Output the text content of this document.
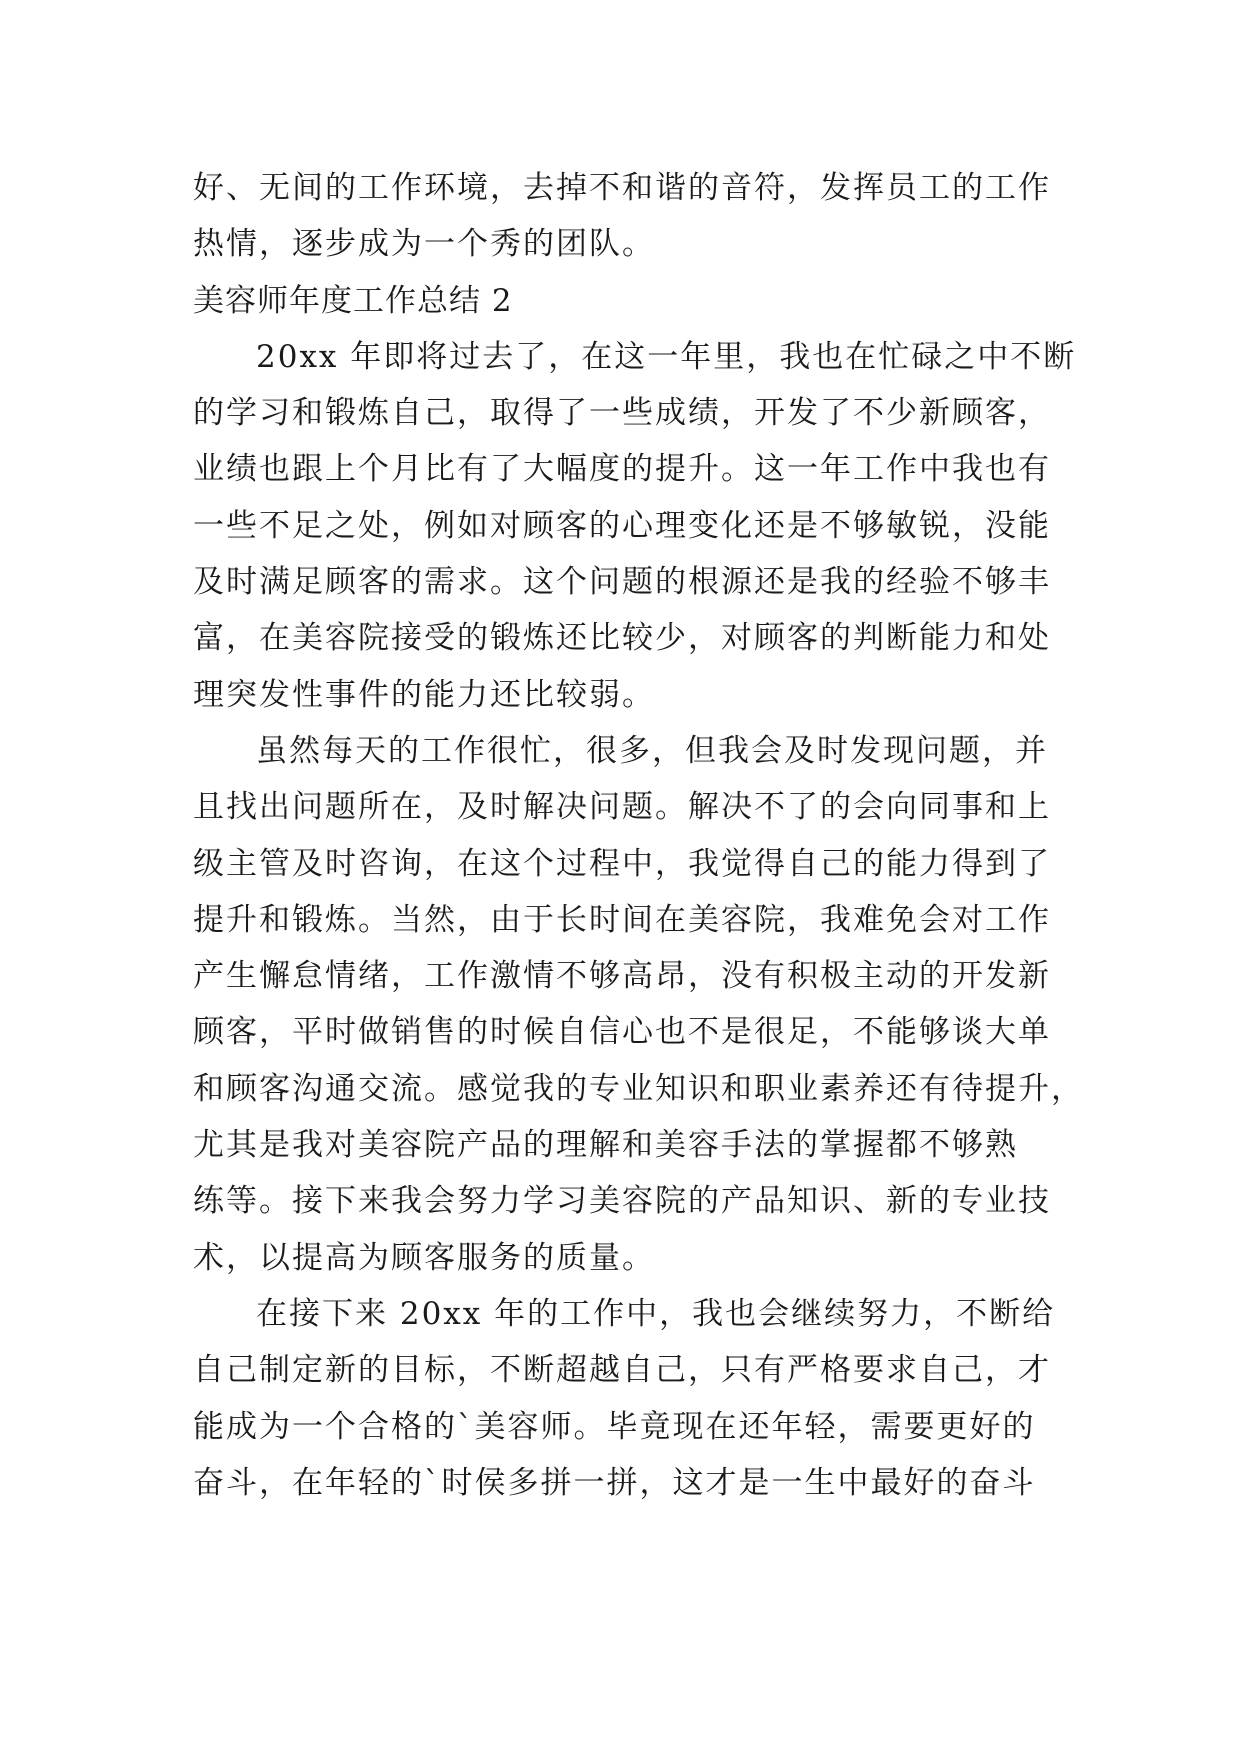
好、无间的工作环境，去掉不和谐的音符，发挥员工的工作
热情，逐步成为一个秀的团队。
美容师年度工作总结 2
20xx 年即将过去了，在这一年里，我也在忙碌之中不断
的学习和锻炼自己，取得了一些成绩，开发了不少新顾客，
业绩也跟上个月比有了大幅度的提升。这一年工作中我也有
一些不足之处，例如对顾客的心理变化还是不够敏锐，没能
及时满足顾客的需求。这个问题的根源还是我的经验不够丰
富，在美容院接受的锻炼还比较少，对顾客的判断能力和处
理突发性事件的能力还比较弱。
虽然每天的工作很忙，很多，但我会及时发现问题，并
且找出问题所在，及时解决问题。解决不了的会向同事和上
级主管及时咨询，在这个过程中，我觉得自己的能力得到了
提升和锻炼。当然，由于长时间在美容院，我难免会对工作
产生懈怠情绪，工作激情不够高昂，没有积极主动的开发新
顾客，平时做销售的时候自信心也不是很足，不能够谈大单
和顾客沟通交流。感觉我的专业知识和职业素养还有待提升，
尤其是我对美容院产品的理解和美容手法的掌握都不够熟
练等。接下来我会努力学习美容院的产品知识、新的专业技
术，以提高为顾客服务的质量。
在接下来 20xx 年的工作中，我也会继续努力，不断给
自己制定新的目标，不断超越自己，只有严格要求自己，才
能成为一个合格的`美容师。毕竟现在还年轻，需要更好的
奋斗，在年轻的`时侯多拼一拼，这才是一生中最好的奋斗
